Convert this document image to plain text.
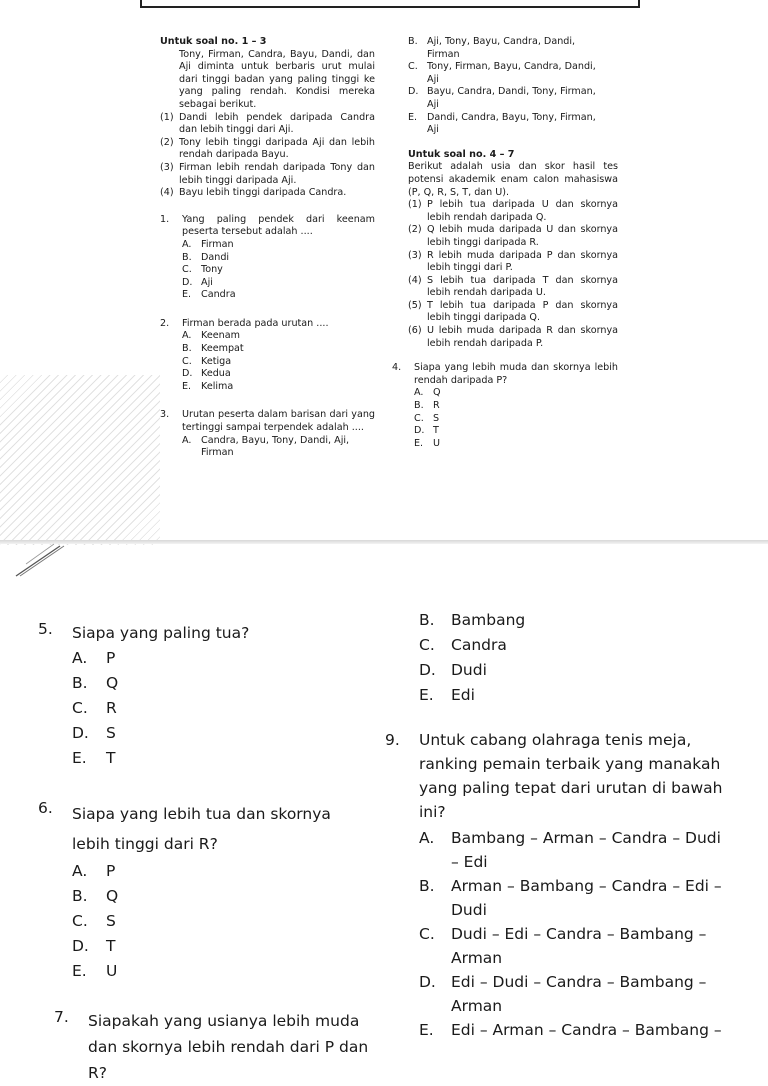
Untuk soal no. 1 – 3
Tony, Firman, Candra, Bayu, Dandi, dan Aji diminta untuk berbaris urut mulai dari tinggi badan yang paling tinggi ke yang paling rendah. Kondisi mereka sebagai berikut.
(1) Dandi lebih pendek daripada Candra dan lebih tinggi dari Aji.
(2) Tony lebih tinggi daripada Aji dan lebih rendah daripada Bayu.
(3) Firman lebih rendah daripada Tony dan lebih tinggi daripada Aji.
(4) Bayu lebih tinggi daripada Candra.
1.	Yang paling pendek dari keenam peserta tersebut adalah ....
A. Firman
B. Dandi
C. Tony
D. Aji
E.	Candra
2.	Firman berada pada urutan ....
A. Keenam
B. Keempat
C. Ketiga
D. Kedua
E.	Kelima
3.	Urutan peserta dalam barisan dari yang tertinggi sampai terpendek adalah ....
A. Candra, Bayu, Tony, Dandi, Aji, Firman
B. Aji, Tony, Bayu, Candra, Dandi,
Firman
C. Tony, Firman, Bayu, Candra, Dandi,
Aji
D. Bayu, Candra, Dandi, Tony, Firman,
Aji
E.	Dandi, Candra, Bayu, Tony, Firman,
Aji
Untuk soal no. 4 – 7
Berikut adalah usia dan skor hasil tes potensi akademik enam calon mahasiswa (P, Q, R, S, T, dan U).
(1) P lebih tua daripada U dan skornya lebih rendah daripada Q.
(2) Q lebih muda daripada U dan skornya lebih tinggi daripada R.
(3) R lebih muda daripada P dan skornya lebih tinggi dari P.
(4) S lebih tua daripada T dan skornya lebih rendah daripada U.
(5) T lebih tua daripada P dan skornya lebih tinggi daripada Q.
(6) U lebih muda daripada R dan skornya lebih rendah daripada P.
4.	Siapa yang lebih muda dan skornya lebih rendah daripada P?
A. Q
B. R
C. S
D. T
E.	U
5.	Siapa yang paling tua?
A.	P
B.	Q
C.	R
D.	S
E.	T
6.	Siapa yang lebih tua dan skornya lebih tinggi dari R?
A.	P
B.	Q
C.	S
D.	T
E.	U
7.	Siapakah yang usianya lebih muda dan skornya lebih rendah dari P dan R?
B.	Bambang
C.	Candra
D. Dudi
E.	Edi
9.	Untuk cabang olahraga tenis meja, ranking pemain terbaik yang manakah yang paling tepat dari urutan di bawah ini?
A.	Bambang – Arman – Candra – Dudi
– Edi
B.	Arman – Bambang – Candra – Edi –
Dudi
C.	Dudi – Edi – Candra – Bambang –
Arman
D. Edi – Dudi – Candra – Bambang –
Arman
E.	Edi – Arman – Candra – Bambang –
